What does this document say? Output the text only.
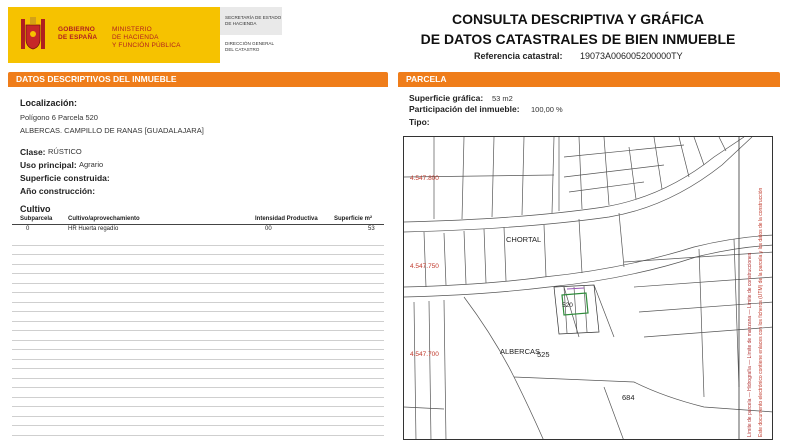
GOBIERNO
DE ESPAÑA
MINISTERIO
DE HACIENDA
Y FUNCIÓN PÚBLICA
SECRETARÍA DE ESTADO DE HACIENDA
DIRECCIÓN GENERAL DEL CATASTRO
CONSULTA DESCRIPTIVA Y GRÁFICA
DE DATOS CATASTRALES DE BIEN INMUEBLE
Referencia catastral: 19073A006005200000TY
DATOS DESCRIPTIVOS DEL INMUEBLE
Localización:
Polígono 6 Parcela 520
ALBERCAS. CAMPILLO DE RANAS [GUADALAJARA]
Clase: RÚSTICO
Uso principal: Agrario
Superficie construida:
Año construcción:
Cultivo
Subparcela	Cultivo/aprovechamiento	Intensidad Productiva	Superficie m²
0	HR Huerta regadío	00	53
PARCELA
Superficie gráfica: 53 m2
Participación del inmueble: 100,00 %
Tipo:
4.547.800
4.547.750
4.547.700
CHORTAL
ALBERCAS
525
684
520	Límite de parcela — Hidrografía — Límite de manzana — Límite de construcciones Este documento electrónico contiene enlaces con los ficheros (UTM) de la parcela y los datos de la construcción
